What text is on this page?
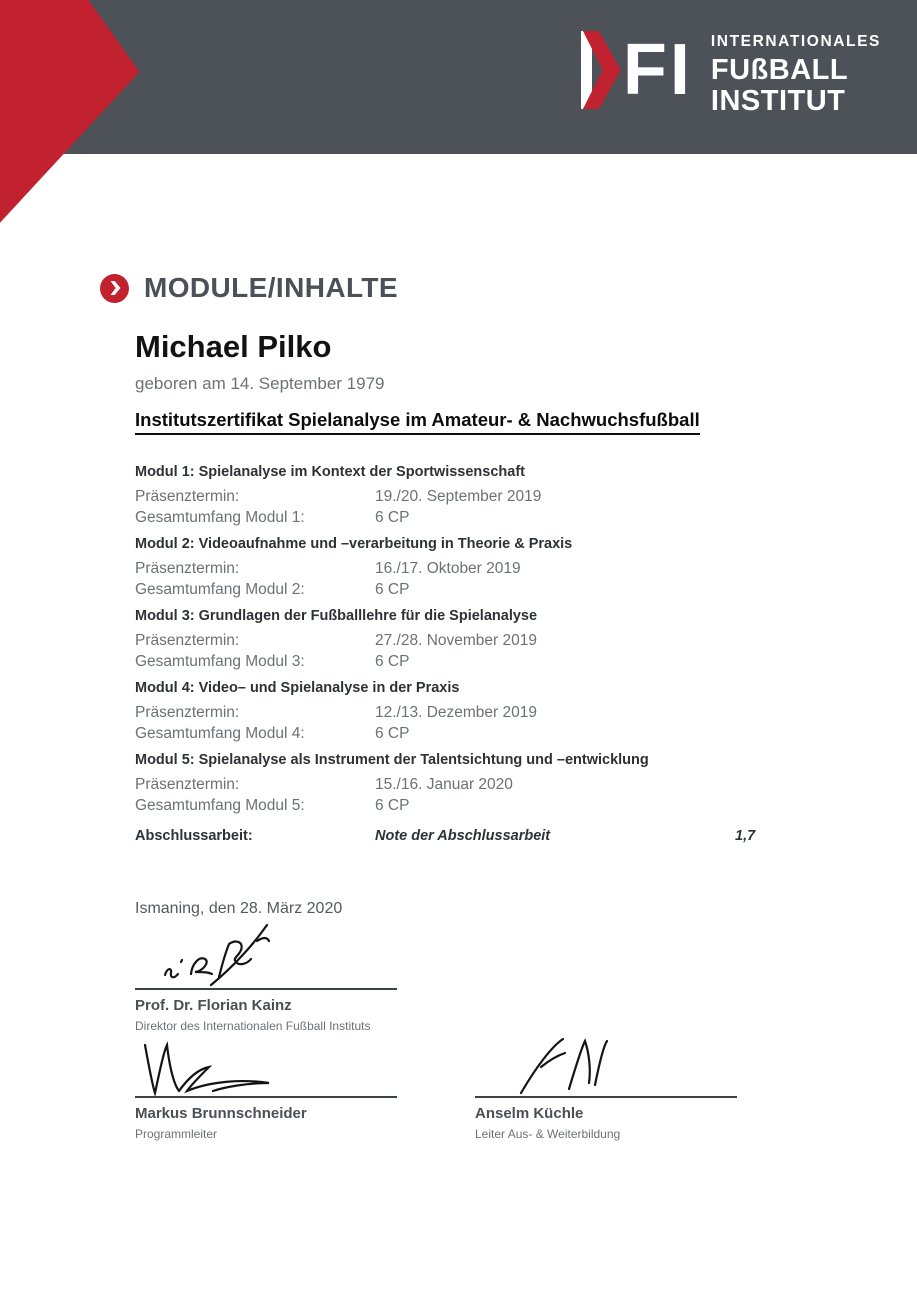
FI INTERNATIONALES
FUßBALL
INSTITUT
MODULE/INHALTE
Michael Pilko
geboren am 14. September 1979
Institutszertifikat Spielanalyse im Amateur- & Nachwuchsfußball
Modul 1: Spielanalyse im Kontext der Sportwissenschaft
Präsenztermin:	19./20. September 2019
Gesamtumfang Modul 1:	6 CP
Modul 2: Videoaufnahme und –verarbeitung in Theorie & Praxis
Präsenztermin:	16./17. Oktober 2019
Gesamtumfang Modul 2:	6 CP
Modul 3: Grundlagen der Fußballlehre für die Spielanalyse
Präsenztermin:	27./28. November 2019
Gesamtumfang Modul 3:	6 CP
Modul 4: Video– und Spielanalyse in der Praxis
Präsenztermin:	12./13. Dezember 2019
Gesamtumfang Modul 4:	6 CP
Modul 5: Spielanalyse als Instrument der Talentsichtung und –entwicklung
Präsenztermin:	15./16. Januar 2020
Gesamtumfang Modul 5:	6 CP
Abschlussarbeit:	Note der Abschlussarbeit	1,7
Ismaning, den 28. März 2020
Prof. Dr. Florian Kainz
Direktor des Internationalen Fußball Instituts
Markus Brunnschneider
Programmleiter
Anselm Küchle
Leiter Aus- & Weiterbildung
